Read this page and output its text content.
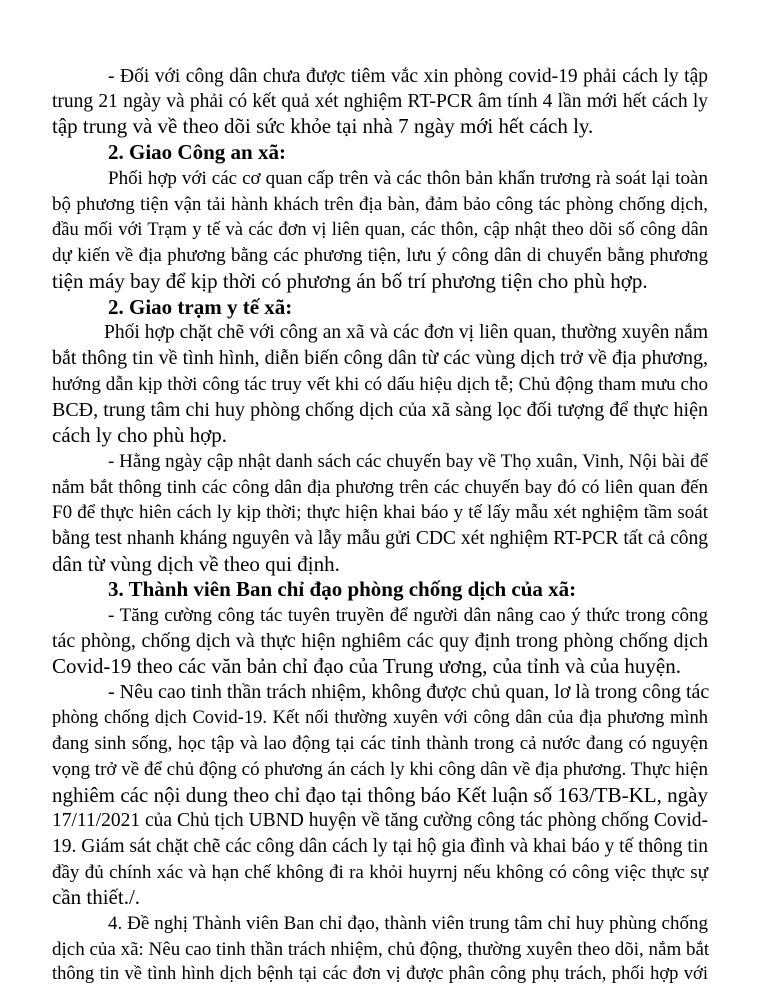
- Đối với công dân chưa được tiêm vắc xin phòng covid-19 phải cách ly tập
trung 21 ngày và phải có kết quả xét nghiệm RT-PCR âm tính 4 lần mới hết cách ly
tập trung và về theo dõi sức khỏe tại nhà 7 ngày mới hết cách ly.
2. Giao Công an xã:
Phối hợp với các cơ quan cấp trên và các thôn bản khẩn trương rà soát lại toàn
bộ phương tiện vận tải hành khách trên địa bàn, đảm bảo công tác phòng chống dịch,
đầu mối với Trạm y tế và các đơn vị liên quan, các thôn, cập nhật theo dõi số công dân
dự kiến về địa phương bằng các phương tiện, lưu ý công dân di chuyển bằng phương
tiện máy bay để kịp thời có phương án bố trí phương tiện cho phù hợp.
2. Giao trạm y tế xã:
Phối hợp chặt chẽ với công an xã và các đơn vị liên quan, thường xuyên nắm
bắt thông tin về tình hình, diễn biến công dân từ các vùng dịch trở về địa phương,
hướng dẫn kịp thời công tác truy vết khi có dấu hiệu dịch tễ; Chủ động tham mưu cho
BCĐ, trung tâm chi huy phòng chống dịch của xã sàng lọc đối tượng để thực hiện
cách ly cho phù hợp.
- Hằng ngày cập nhật danh sách các chuyến bay về Thọ xuân, Vinh, Nội bài để
nắm bắt thông tinh các công dân địa phương trên các chuyến bay đó có liên quan đến
F0 để thực hiên cách ly kịp thời; thực hiện khai báo y tế lấy mẫu xét nghiệm tầm soát
bằng test nhanh kháng nguyên và lẫy mẫu gửi CDC xét nghiệm RT-PCR tất cả công
dân từ vùng dịch về theo qui định.
3. Thành viên Ban chỉ đạo phòng chống dịch của xã:
- Tăng cường công tác tuyên truyền để người dân nâng cao ý thức trong công
tác phòng, chống dịch và thực hiện nghiêm các quy định trong phòng chống dịch
Covid-19 theo các văn bản chỉ đạo của Trung ương, của tỉnh và của huyện.
- Nêu cao tinh thần trách nhiệm, không được chủ quan, lơ là trong công tác
phòng chống dịch Covid-19. Kết nối thường xuyên với công dân của địa phương mình
đang sinh sống, học tập và lao động tại các tỉnh thành trong cả nước đang có nguyện
vọng trở về để chủ động có phương án cách ly khi công dân về địa phương. Thực hiện
nghiêm các nội dung theo chỉ đạo tại thông báo Kết luận số 163/TB-KL, ngày
17/11/2021 của Chủ tịch UBND huyện về tăng cường công tác phòng chống Covid-
19. Giám sát chặt chẽ các công dân cách ly tại hộ gia đình và khai báo y tế thông tin
đầy đủ chính xác và hạn chế không đi ra khỏi huyrnj nếu không có công việc thực sự
cần thiết./.
4. Đề nghị Thành viên Ban chỉ đạo, thành viên trung tâm chỉ huy phùng chống
dịch của xã: Nêu cao tinh thần trách nhiệm, chủ động, thường xuyên theo dõi, nắm bắt
thông tin về tình hình dịch bệnh tại các đơn vị được phân công phụ trách, phối hợp với
